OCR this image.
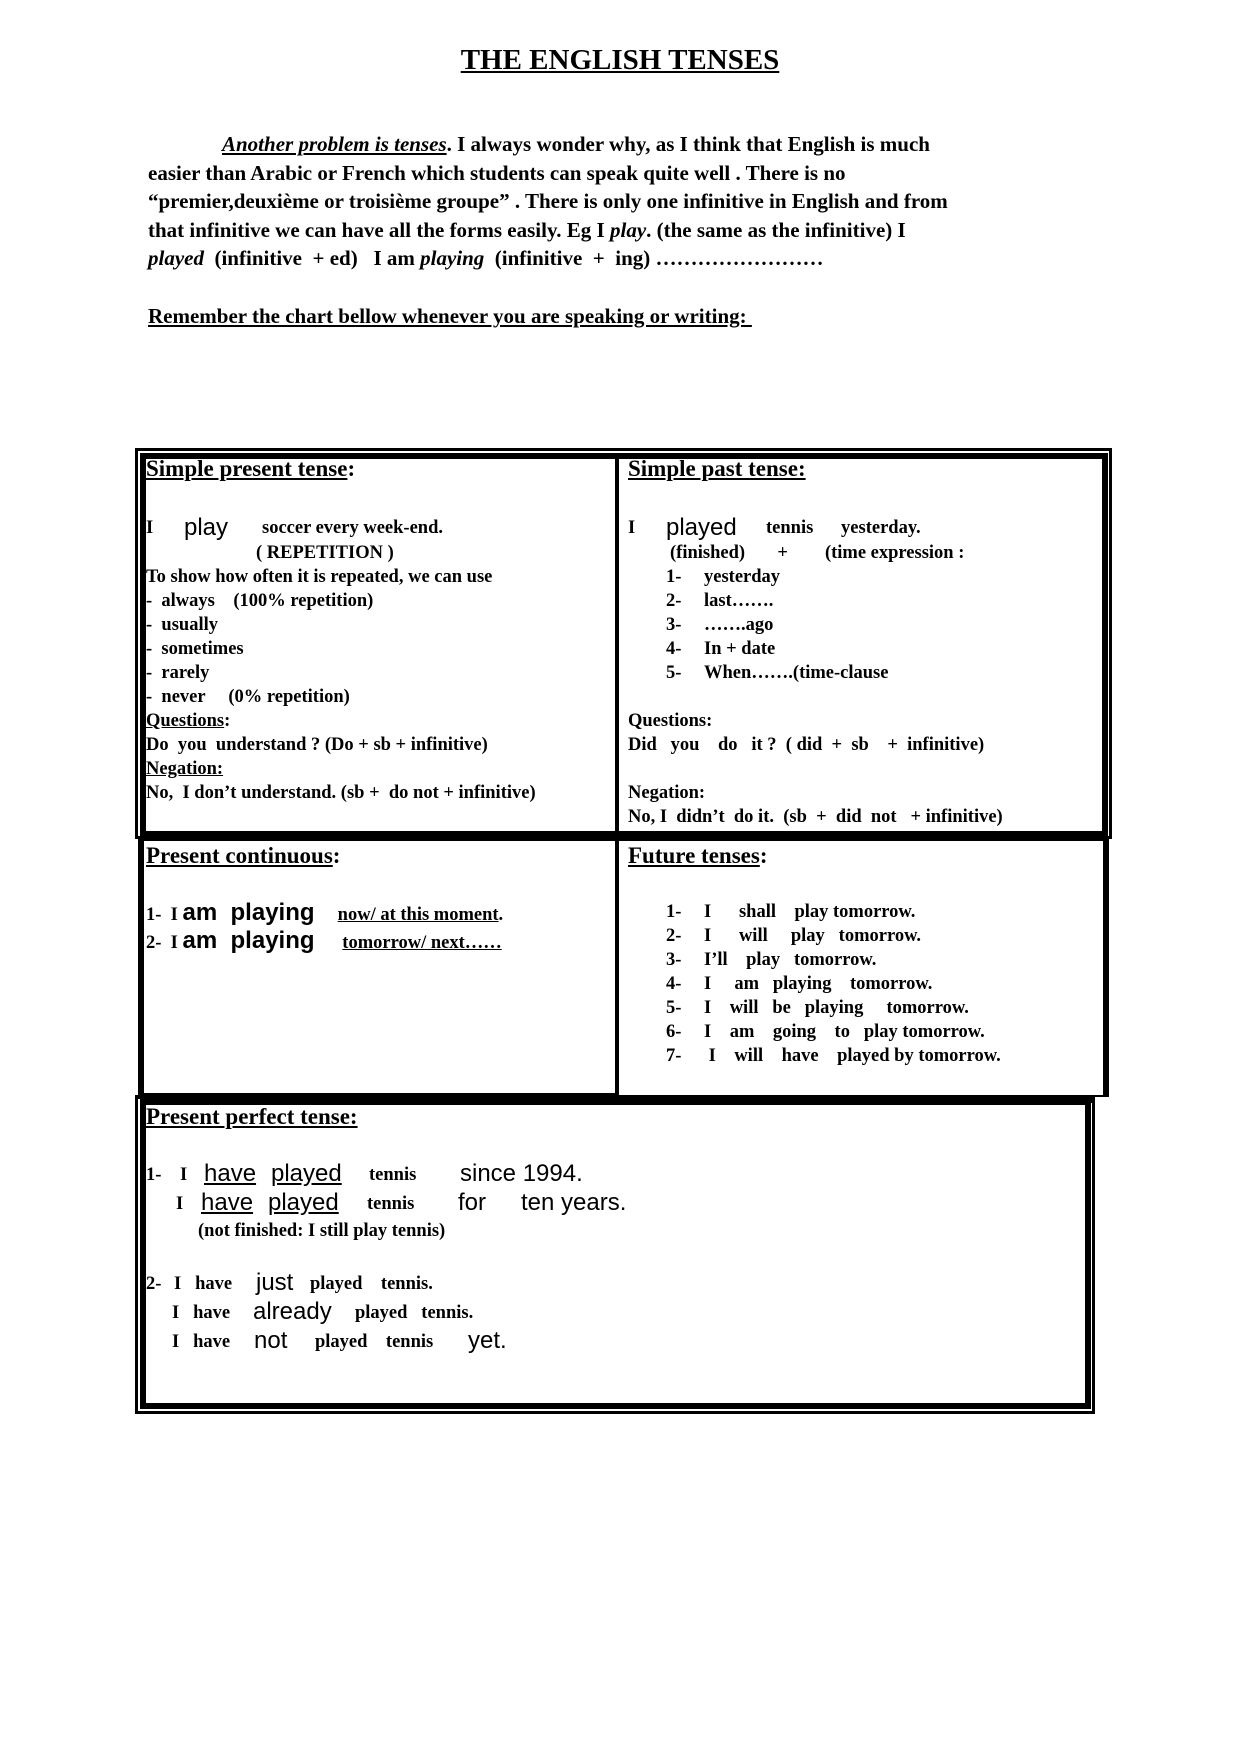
THE ENGLISH TENSES
Another problem is tenses. I always wonder why, as I think that English is much
easier than Arabic or French which students can speak quite well . There is no
“premier,deuxième or troisième groupe” . There is only one infinitive in English and from
that infinitive we can have all the forms easily. Eg I play. (the same as the infinitive) I
played  (infinitive  + ed)   I am playing  (infinitive  +  ing) ……………………
Remember the chart bellow whenever you are speaking or writing:
Simple present tense:
I play soccer every week-end.
( REPETITION )
To show how often it is repeated, we can use
-  always    (100% repetition)
-  usually
-  sometimes
-  rarely
-  never     (0% repetition)
Questions:
Do  you  understand ? (Do + sb + infinitive)
Negation:
No,  I don’t understand. (sb +  do not + infinitive)
Simple past tense:
I played tennis      yesterday.
(finished)       +        (time expression :
1- yesterday
2- last…….
3- …….ago
4- In + date
5- When…….(time-clause
Questions:
Did   you    do   it ?  ( did  +  sb    +  infinitive)
Negation:
No, I  didn’t  do it.  (sb  +  did  not   + infinitive)
Present continuous:
1- I am  playing now/ at this moment.
2- I am  playing tomorrow/ next……
Future tenses:
1- I      shall    play tomorrow.
2- I      will     play   tomorrow.
3- I’ll    play   tomorrow.
4- I     am   playing    tomorrow.
5- I    will   be   playing     tomorrow.
6- I    am    going    to   play tomorrow.
7- I    will    have    played by tomorrow.
Present perfect tense:
1- I have played tennis since 1994.
I have played tennis for ten years.
(not finished: I still play tennis)
2- I   have just played    tennis.
I   have already played   tennis.
I   have not played    tennis yet.
